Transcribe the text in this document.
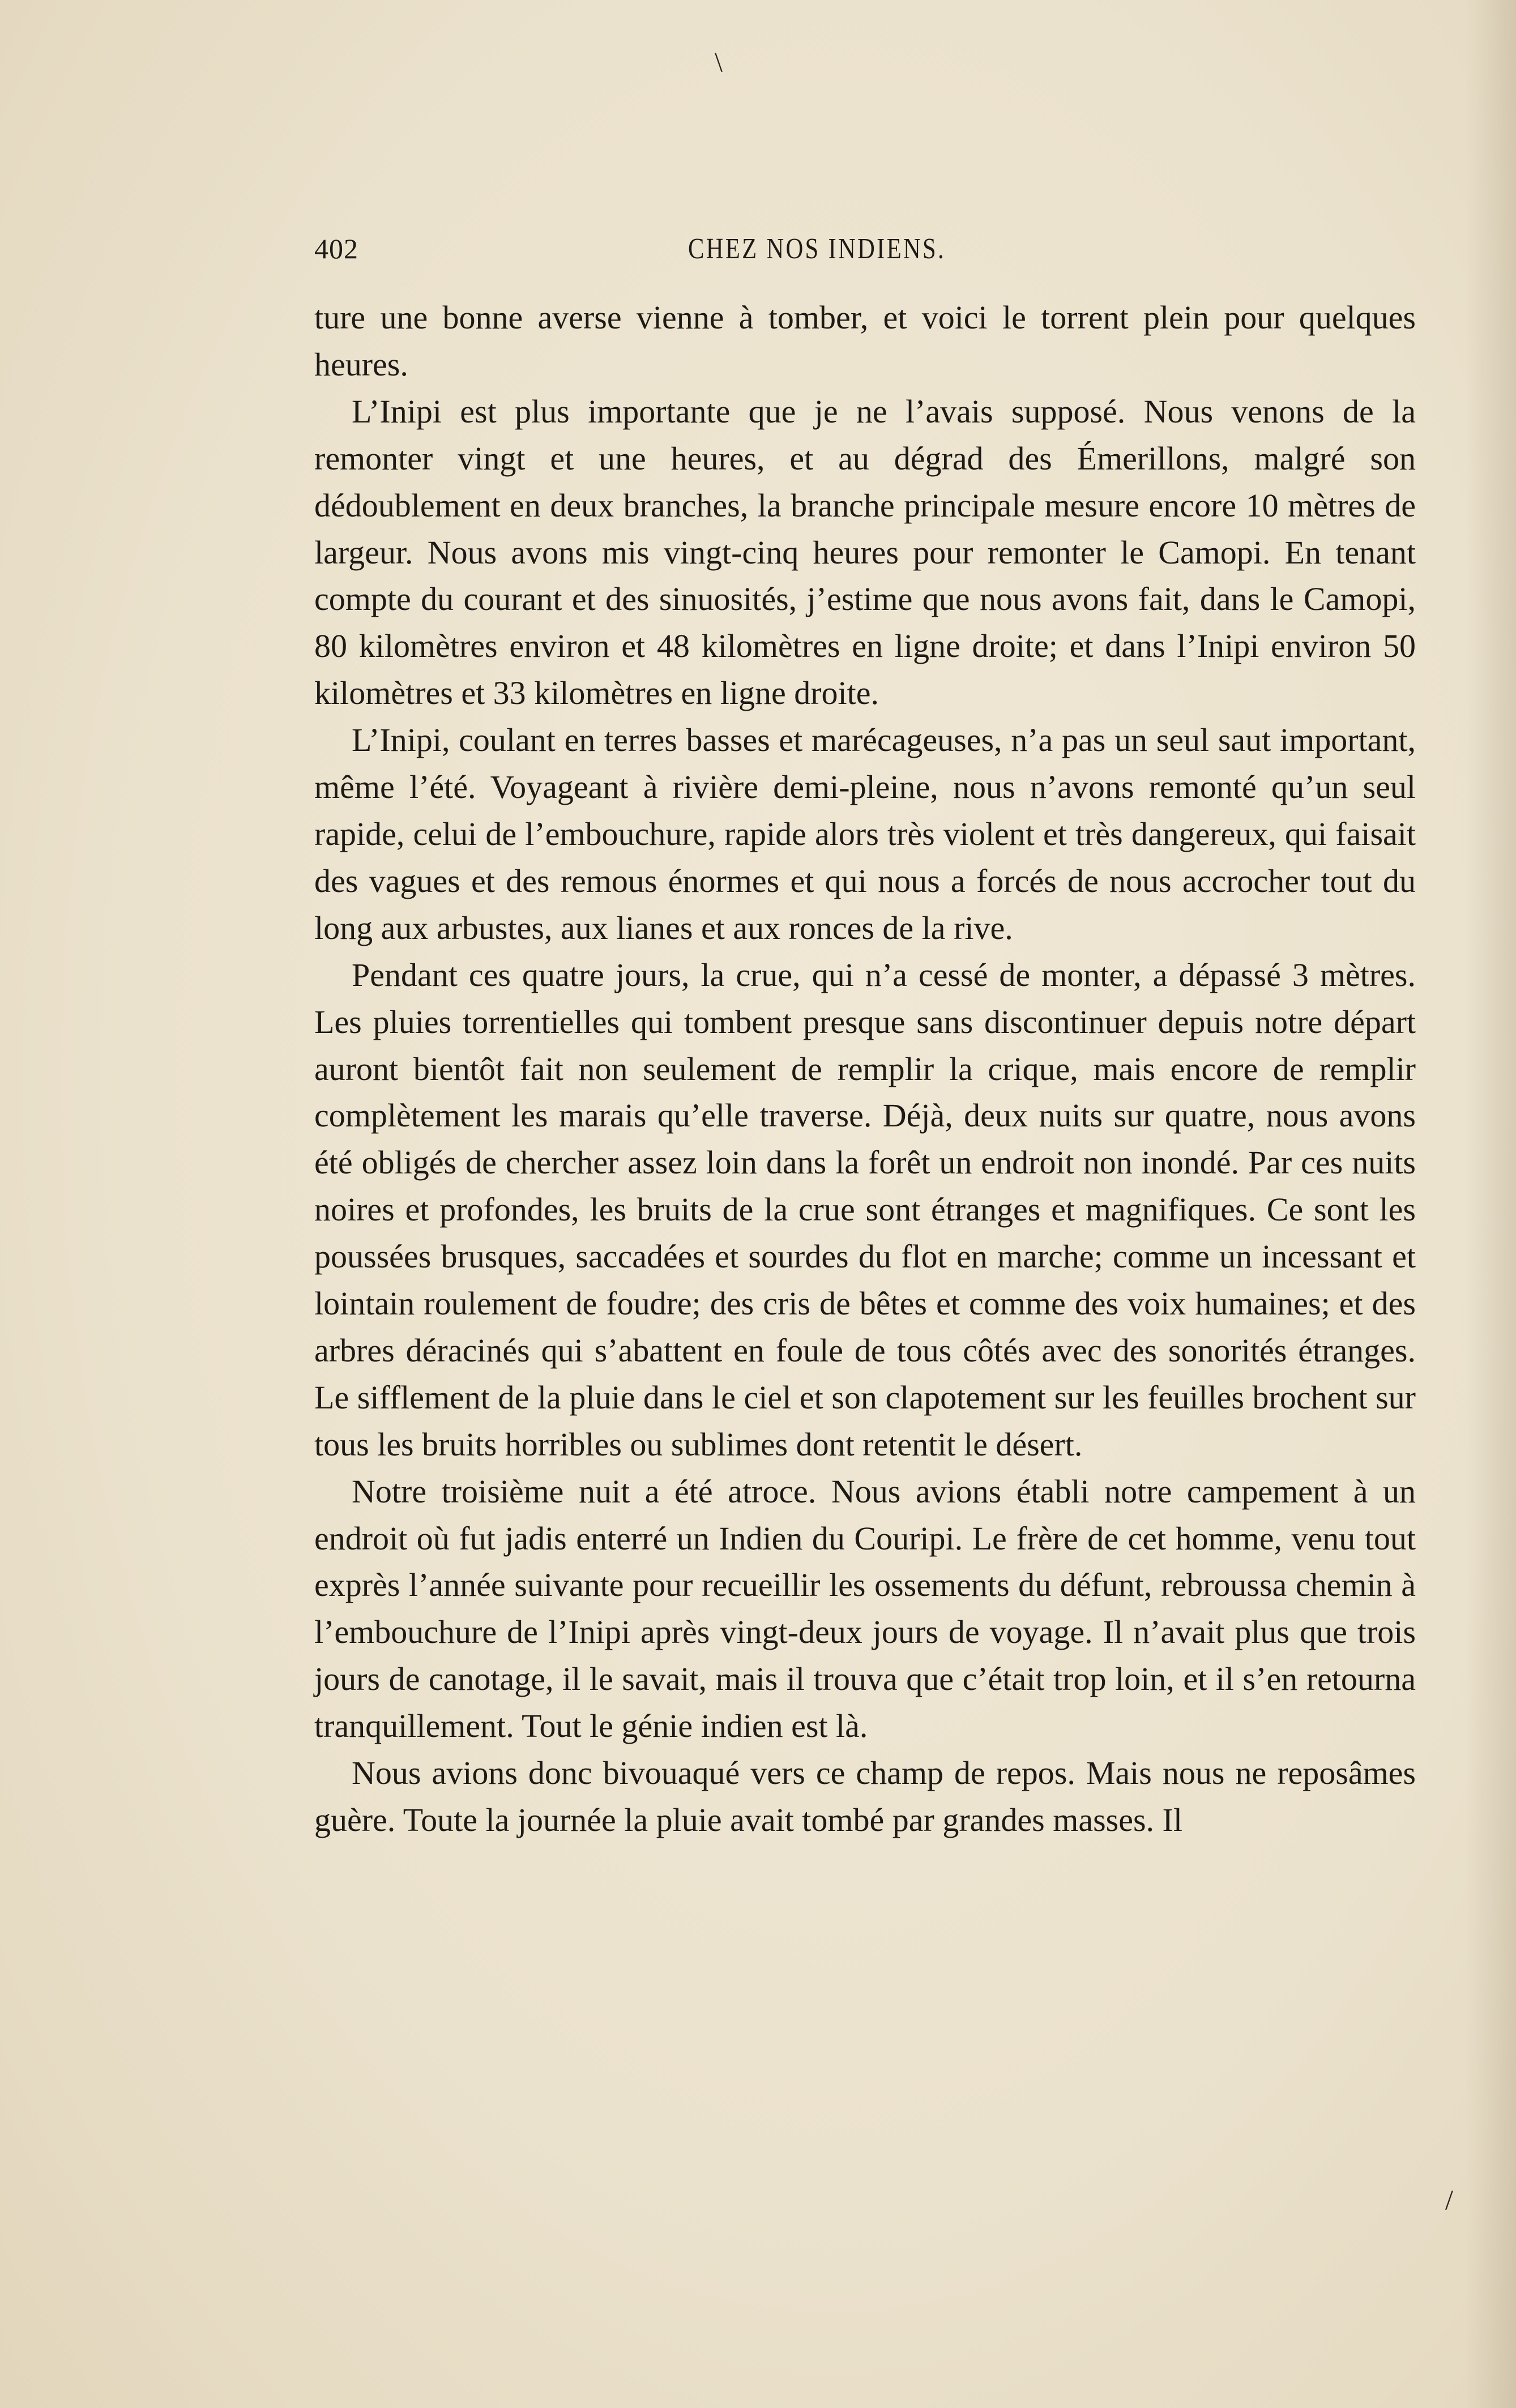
402	CHEZ NOS INDIENS.

ture une bonne averse vienne à tomber, et voici le torrent plein pour quelques heures.

L’Inipi est plus importante que je ne l’avais supposé. Nous venons de la remonter vingt et une heures, et au dégrad des Émerillons, malgré son dédoublement en deux branches, la branche principale mesure encore 10 mètres de largeur. Nous avons mis vingt-cinq heures pour remonter le Camopi. En tenant compte du courant et des sinuosités, j’estime que nous avons fait, dans le Camopi, 80 kilomètres environ et 48 kilomètres en ligne droite; et dans l’Inipi environ 50 kilomètres et 33 kilomètres en ligne droite.

L’Inipi, coulant en terres basses et marécageuses, n’a pas un seul saut important, même l’été. Voyageant à rivière demi-pleine, nous n’avons remonté qu’un seul rapide, celui de l’embouchure, rapide alors très violent et très dangereux, qui faisait des vagues et des remous énormes et qui nous a forcés de nous accrocher tout du long aux arbustes, aux lianes et aux ronces de la rive.

Pendant ces quatre jours, la crue, qui n’a cessé de monter, a dépassé 3 mètres. Les pluies torrentielles qui tombent presque sans discontinuer depuis notre départ auront bientôt fait non seulement de remplir la crique, mais encore de remplir complètement les marais qu’elle traverse. Déjà, deux nuits sur quatre, nous avons été obligés de chercher assez loin dans la forêt un endroit non inondé. Par ces nuits noires et profondes, les bruits de la crue sont étranges et magnifiques. Ce sont les poussées brusques, saccadées et sourdes du flot en marche; comme un incessant et lointain roulement de foudre; des cris de bêtes et comme des voix humaines; et des arbres déracinés qui s’abattent en foule de tous côtés avec des sonorités étranges. Le sifflement de la pluie dans le ciel et son clapotement sur les feuilles brochent sur tous les bruits horribles ou sublimes dont retentit le désert.

Notre troisième nuit a été atroce. Nous avions établi notre campement à un endroit où fut jadis enterré un Indien du Couripi. Le frère de cet homme, venu tout exprès l’année suivante pour recueillir les ossements du défunt, rebroussa chemin à l’embouchure de l’Inipi après vingt-deux jours de voyage. Il n’avait plus que trois jours de canotage, il le savait, mais il trouva que c’était trop loin, et il s’en retourna tranquillement. Tout le génie indien est là.

Nous avions donc bivouaqué vers ce champ de repos. Mais nous ne reposâmes guère. Toute la journée la pluie avait tombé par grandes masses. Il

\
/
